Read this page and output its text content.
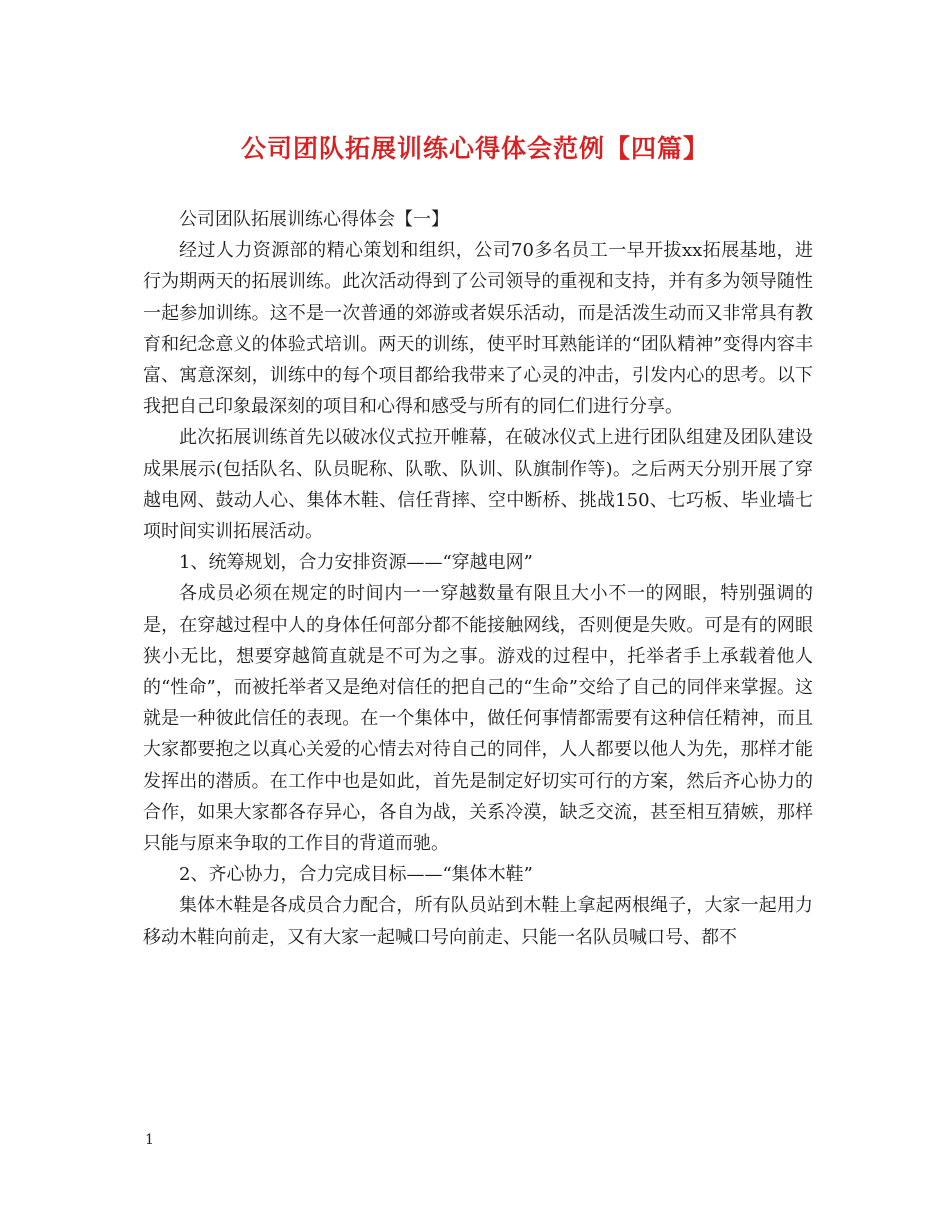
公司团队拓展训练心得体会范例【四篇】

公司团队拓展训练心得体会【一】

经过人力资源部的精心策划和组织，公司70多名员工一早开拔xx拓展基地，进行为期两天的拓展训练。此次活动得到了公司领导的重视和支持，并有多为领导随性一起参加训练。这不是一次普通的郊游或者娱乐活动，而是活泼生动而又非常具有教育和纪念意义的体验式培训。两天的训练，使平时耳熟能详的“团队精神”变得内容丰富、寓意深刻，训练中的每个项目都给我带来了心灵的冲击，引发内心的思考。以下我把自己印象最深刻的项目和心得和感受与所有的同仁们进行分享。

此次拓展训练首先以破冰仪式拉开帷幕，在破冰仪式上进行团队组建及团队建设成果展示(包括队名、队员昵称、队歌、队训、队旗制作等)。之后两天分别开展了穿越电网、鼓动人心、集体木鞋、信任背摔、空中断桥、挑战150、七巧板、毕业墙七项时间实训拓展活动。

1、统筹规划，合力安排资源——“穿越电网”

各成员必须在规定的时间内一一穿越数量有限且大小不一的网眼，特别强调的是，在穿越过程中人的身体任何部分都不能接触网线，否则便是失败。可是有的网眼狭小无比，想要穿越简直就是不可为之事。游戏的过程中，托举者手上承载着他人的“性命”，而被托举者又是绝对信任的把自己的“生命”交给了自己的同伴来掌握。这就是一种彼此信任的表现。在一个集体中，做任何事情都需要有这种信任精神，而且大家都要抱之以真心关爱的心情去对待自己的同伴，人人都要以他人为先，那样才能发挥出的潜质。在工作中也是如此，首先是制定好切实可行的方案，然后齐心协力的合作，如果大家都各存异心，各自为战，关系冷漠，缺乏交流，甚至相互猜嫉，那样只能与原来争取的工作目的背道而驰。

2、齐心协力，合力完成目标——“集体木鞋”

集体木鞋是各成员合力配合，所有队员站到木鞋上拿起两根绳子，大家一起用力移动木鞋向前走，又有大家一起喊口号向前走、只能一名队员喊口号、都不

1
